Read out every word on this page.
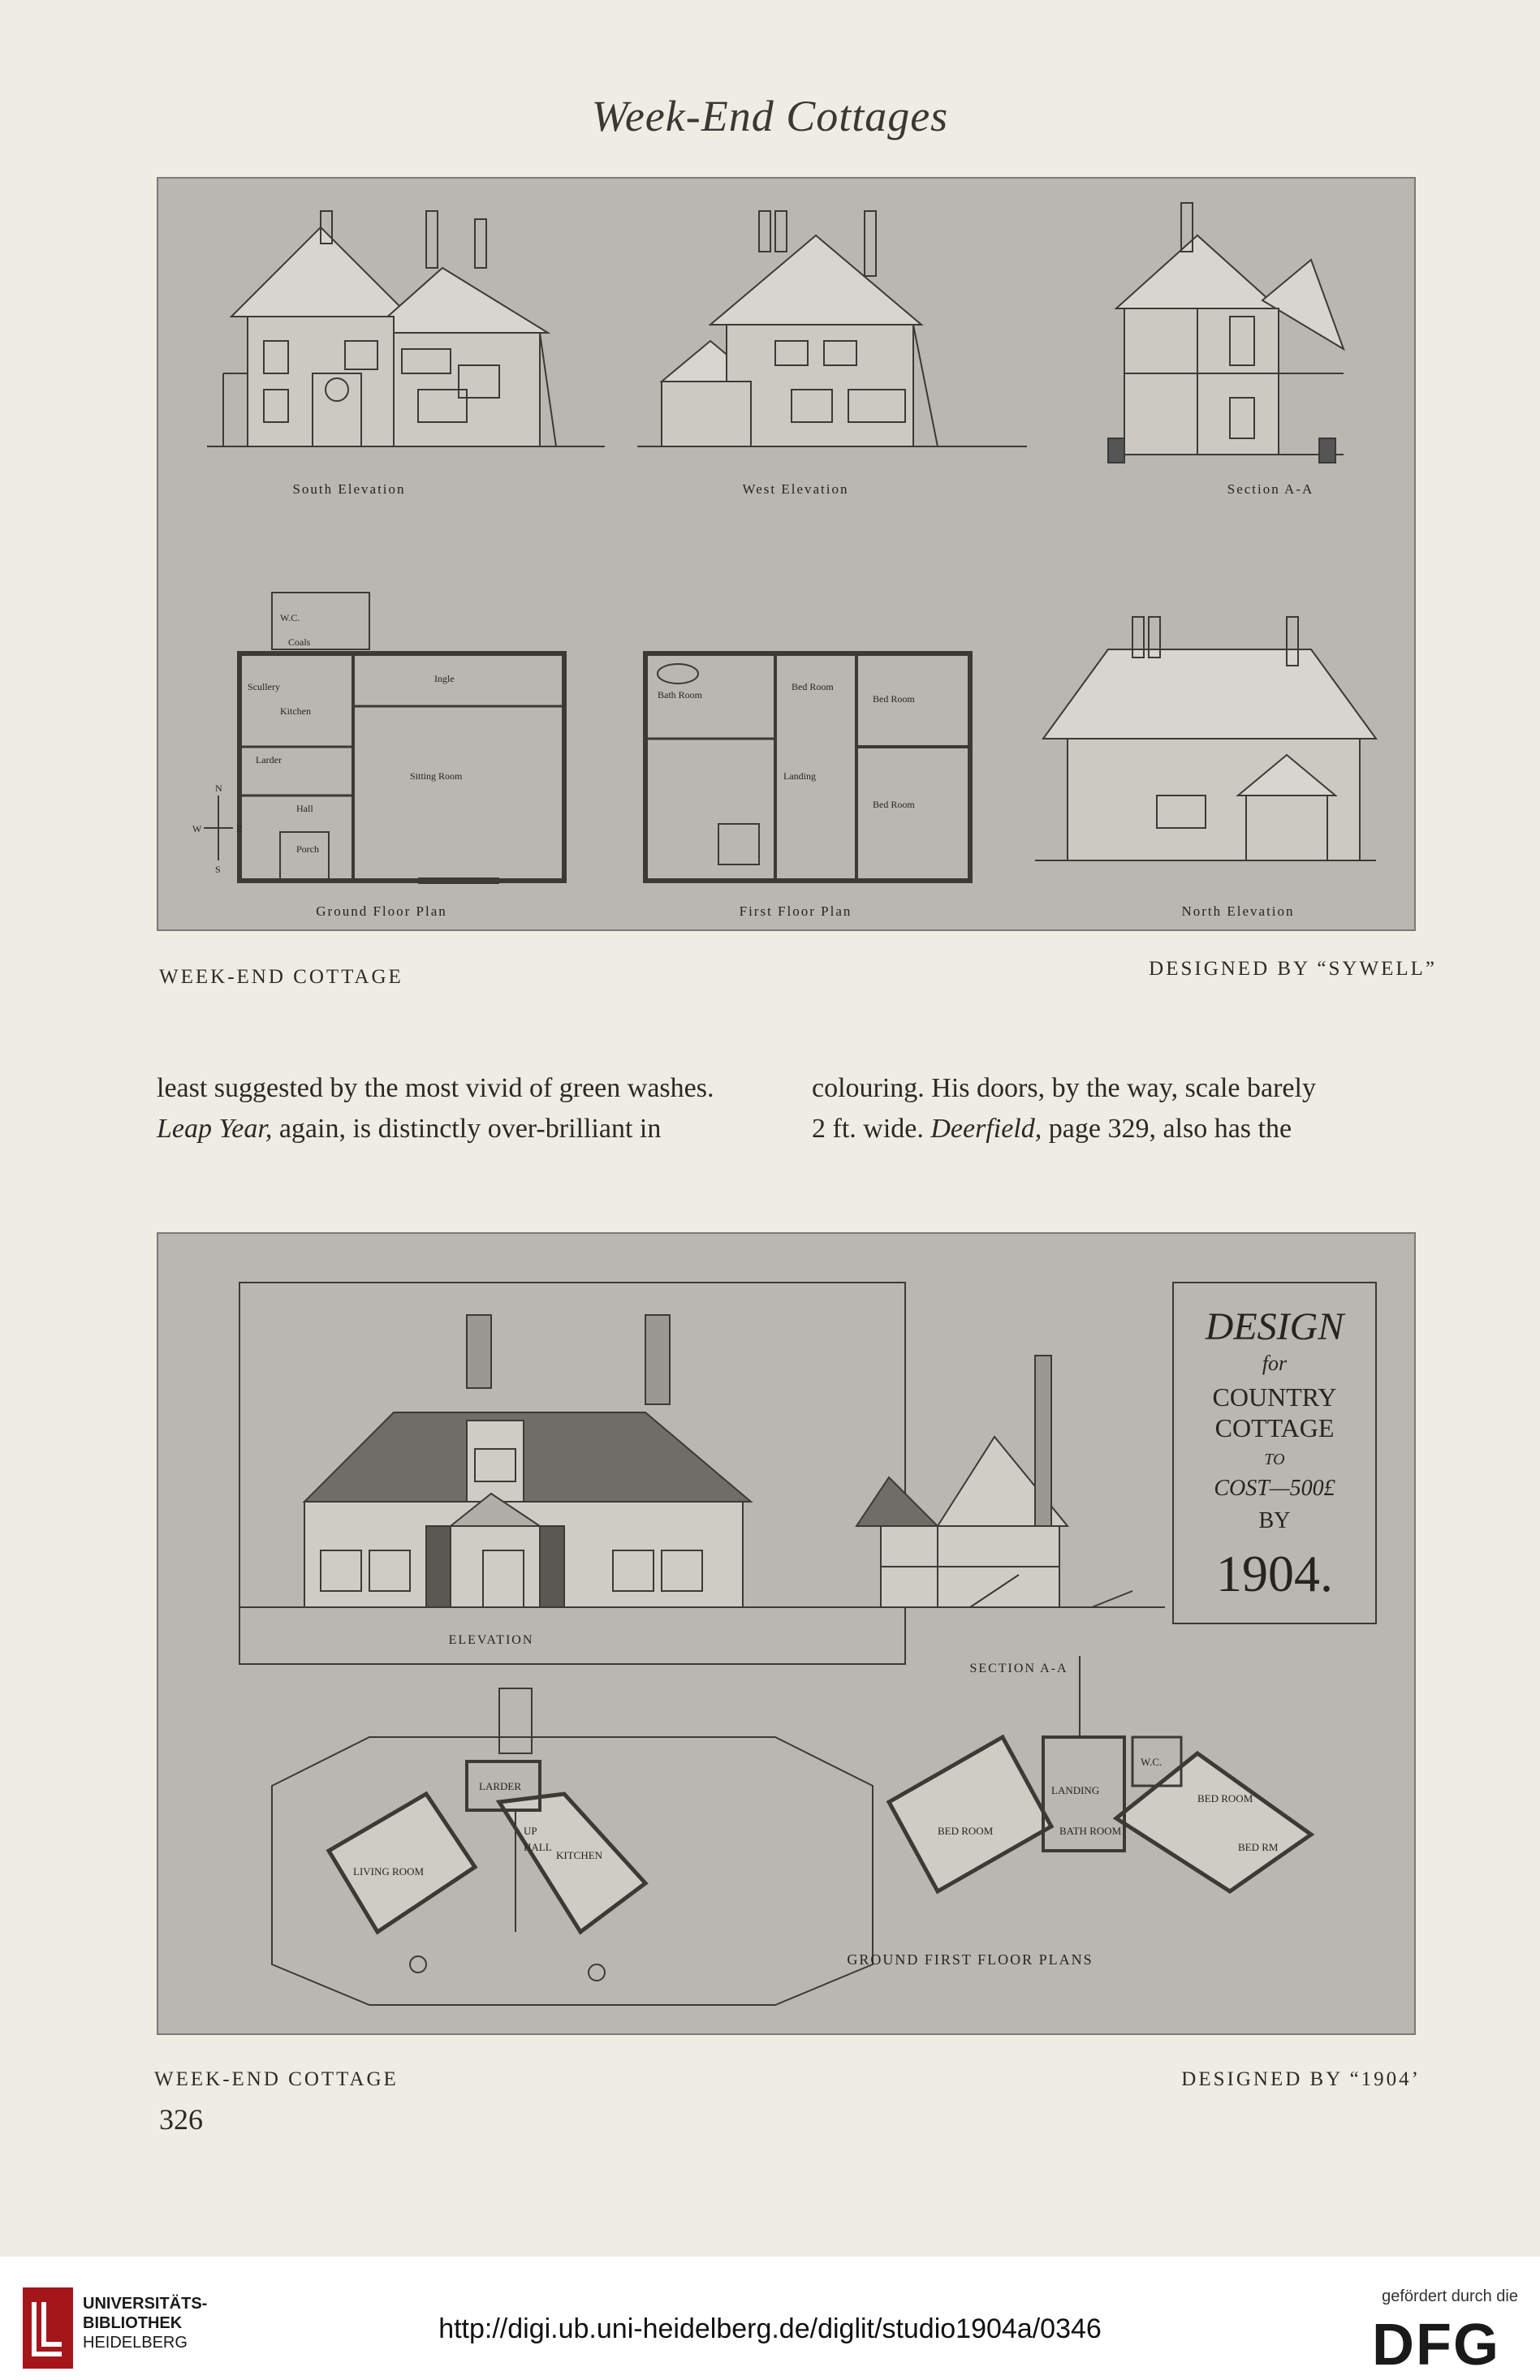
Week-End Cottages
W.C.
Coals
Scullery
Kitchen
Larder
Hall
Sitting Room
Porch
Ingle
Bath Room
Bed Room
Bed Room
Bed Room
Landing
N
S
E
W
South Elevation	West Elevation	Section A-A
Ground Floor Plan	First Floor Plan	North Elevation
WEEK-END COTTAGE	DESIGNED BY “SYWELL”
least suggested by the most vivid of green washes.
Leap Year, again, is distinctly over-brilliant in
colouring. His doors, by the way, scale barely
2 ft. wide. Deerfield, page 329, also has the
DESIGN
for
COUNTRY
COTTAGE
TO
COST—500£
BY
1904.
ELEVATION
SECTION A-A
GROUND FIRST FLOOR PLANS
LIVING ROOM
KITCHEN
LARDER
HALL
UP	BED ROOM
BED ROOM
BED RM
LANDING
BATH ROOM
W.C.
WEEK-END COTTAGE	DESIGNED BY “1904’
326
UNIVERSITÄTS-
BIBLIOTHEK
HEIDELBERG	http://digi.ub.uni-heidelberg.de/diglit/studio1904a/0346
gefördert durch die
DFG
